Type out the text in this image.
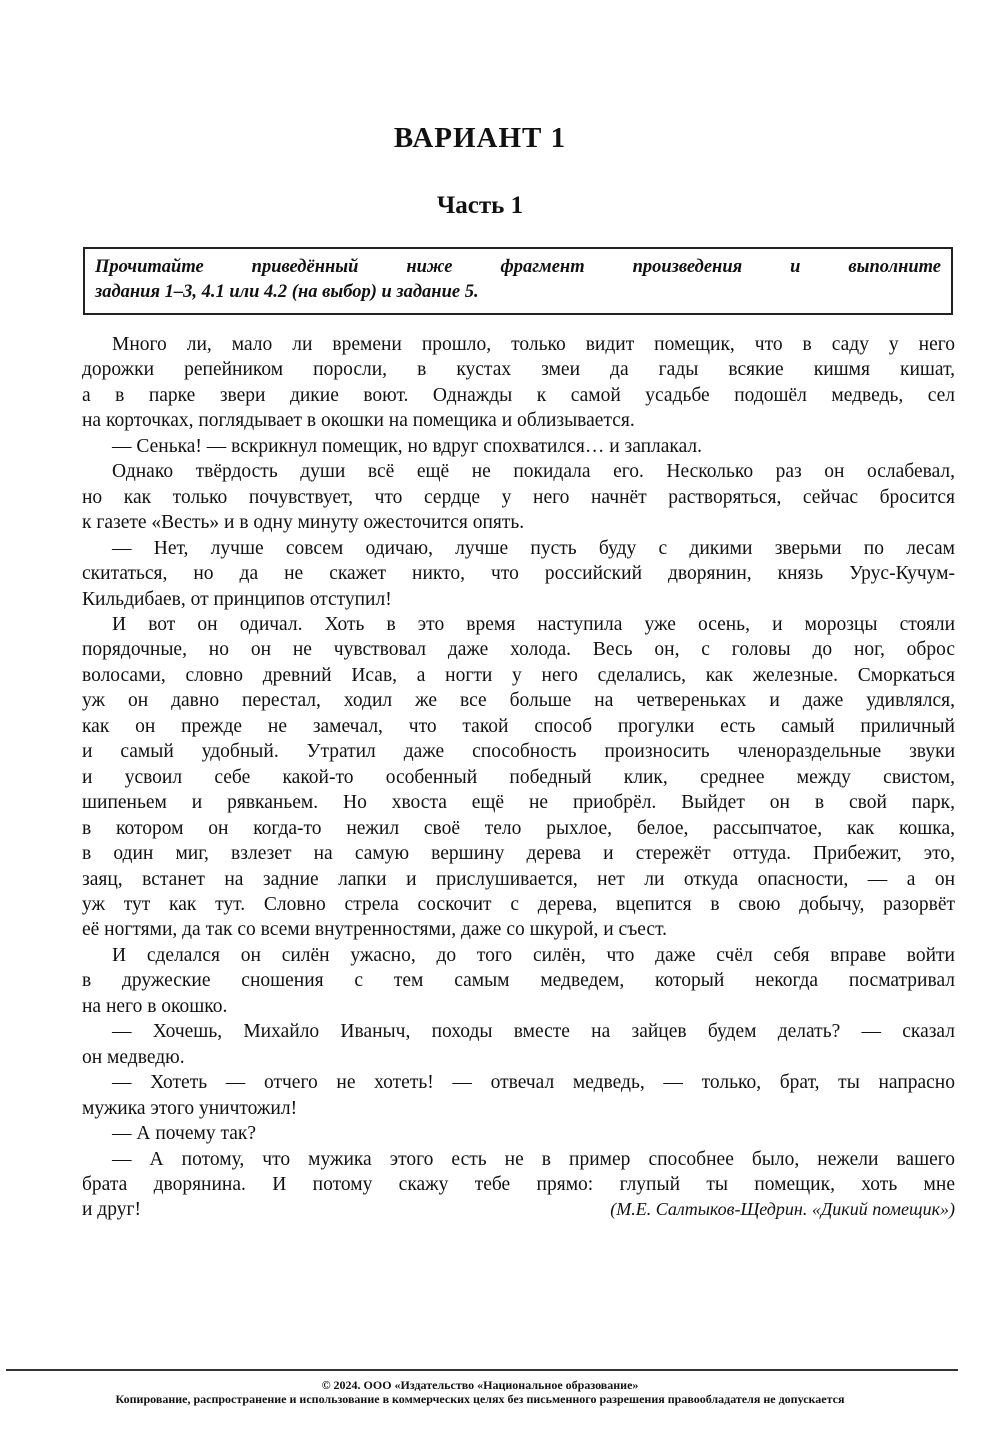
ВАРИАНТ 1
Часть 1
Прочитайте приведённый ниже фрагмент произведения и выполните
задания 1–3, 4.1 или 4.2 (на выбор) и задание 5.
Много ли, мало ли времени прошло, только видит помещик, что в саду у него
дорожки репейником поросли, в кустах змеи да гады всякие кишмя кишат,
а в парке звери дикие воют. Однажды к самой усадьбе подошёл медведь, сел
на корточках, поглядывает в окошки на помещика и облизывается.
— Сенька! — вскрикнул помещик, но вдруг спохватился… и заплакал.
Однако твёрдость души всё ещё не покидала его. Несколько раз он ослабевал,
но как только почувствует, что сердце у него начнёт растворяться, сейчас бросится
к газете «Весть» и в одну минуту ожесточится опять.
— Нет, лучше совсем одичаю, лучше пусть буду с дикими зверьми по лесам
скитаться, но да не скажет никто, что российский дворянин, князь Урус-Кучум-
Кильдибаев, от принципов отступил!
И вот он одичал. Хоть в это время наступила уже осень, и морозцы стояли
порядочные, но он не чувствовал даже холода. Весь он, с головы до ног, оброс
волосами, словно древний Исав, а ногти у него сделались, как железные. Сморкаться
уж он давно перестал, ходил же все больше на четвереньках и даже удивлялся,
как он прежде не замечал, что такой способ прогулки есть самый приличный
и самый удобный. Утратил даже способность произносить членораздельные звуки
и усвоил себе какой-то особенный победный клик, среднее между свистом,
шипеньем и рявканьем. Но хвоста ещё не приобрёл. Выйдет он в свой парк,
в котором он когда-то нежил своё тело рыхлое, белое, рассыпчатое, как кошка,
в один миг, взлезет на самую вершину дерева и стережёт оттуда. Прибежит, это,
заяц, встанет на задние лапки и прислушивается, нет ли откуда опасности, — а он
уж тут как тут. Словно стрела соскочит с дерева, вцепится в свою добычу, разорвёт
её ногтями, да так со всеми внутренностями, даже со шкурой, и съест.
И сделался он силён ужасно, до того силён, что даже счёл себя вправе войти
в дружеские сношения с тем самым медведем, который некогда посматривал
на него в окошко.
— Хочешь, Михайло Иваныч, походы вместе на зайцев будем делать? — сказал
он медведю.
— Хотеть — отчего не хотеть! — отвечал медведь, — только, брат, ты напрасно
мужика этого уничтожил!
— А почему так?
— А потому, что мужика этого есть не в пример способнее было, нежели вашего
брата дворянина. И потому скажу тебе прямо: глупый ты помещик, хоть мне
и друг!	(М.Е. Салтыков-Щедрин. «Дикий помещик»)
© 2024. ООО «Издательство «Национальное образование»
Копирование, распространение и использование в коммерческих целях без письменного разрешения правообладателя не допускается
